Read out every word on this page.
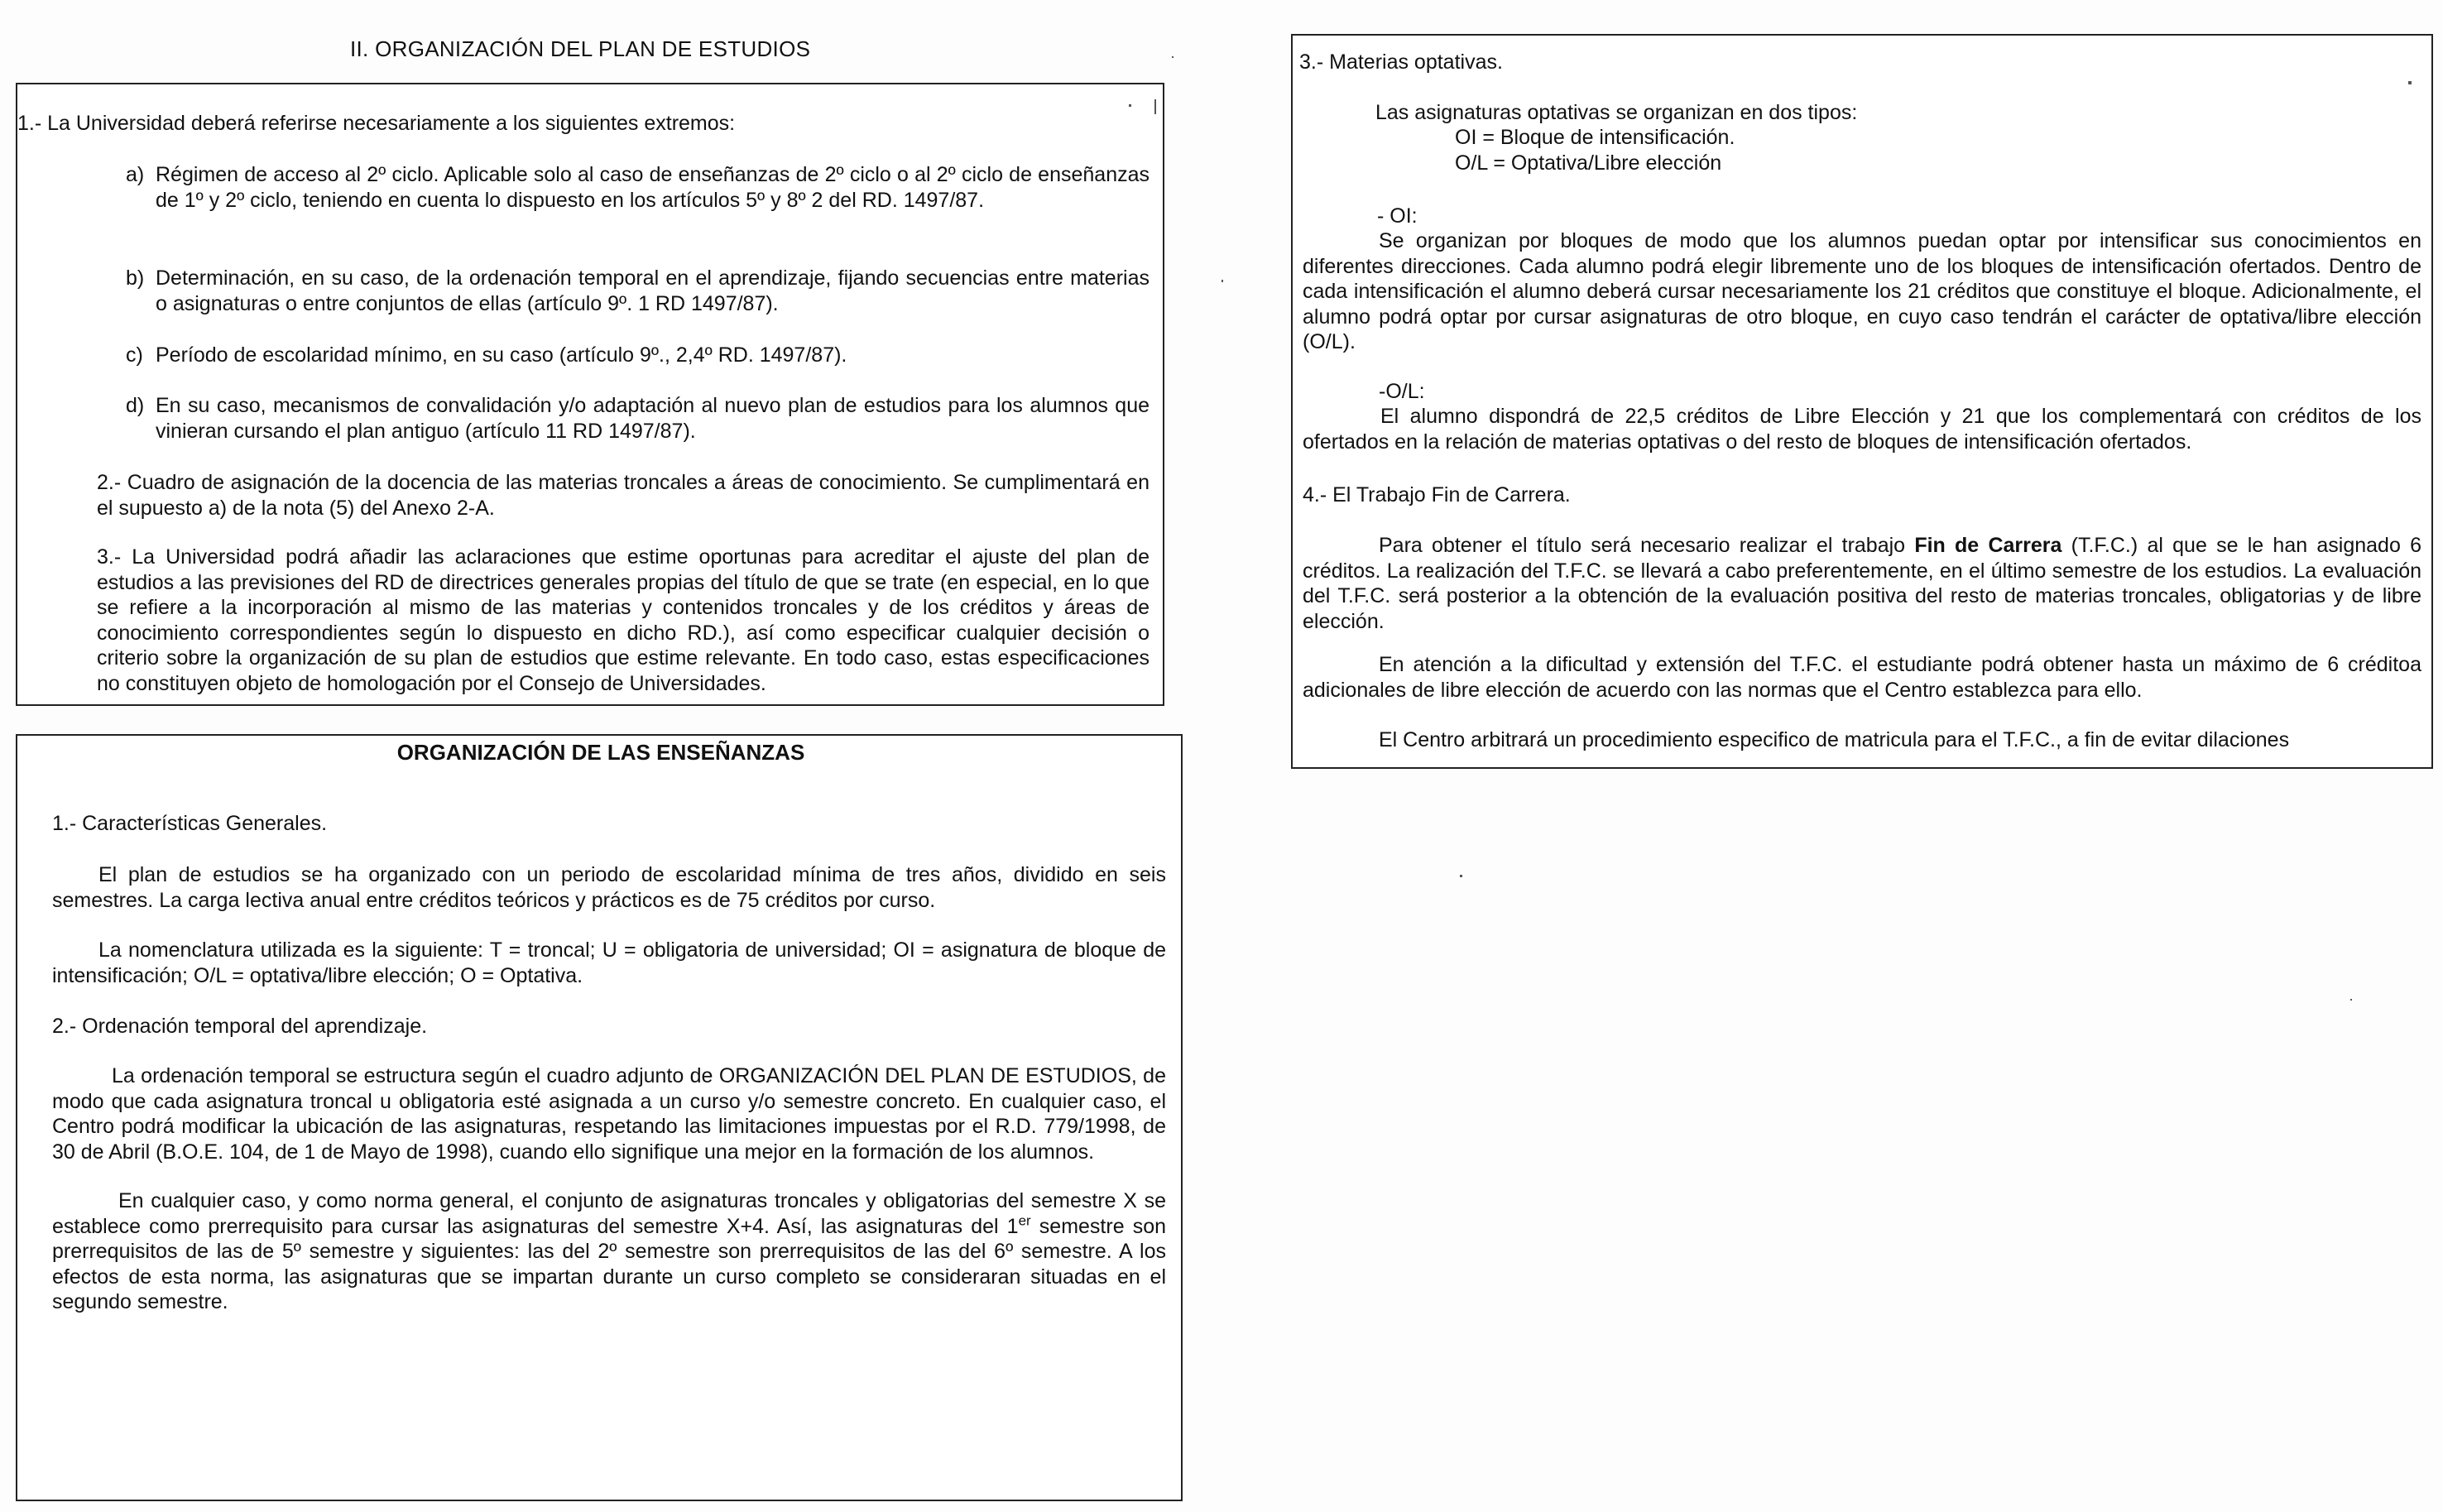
II. ORGANIZACIÓN DEL PLAN DE ESTUDIOS

1.- La Universidad deberá referirse necesariamente a los siguientes extremos:

a) Régimen de acceso al 2º ciclo. Aplicable solo al caso de enseñanzas de 2º ciclo o al 2º ciclo de enseñanzas de 1º y 2º ciclo, teniendo en cuenta lo dispuesto en los artículos 5º y 8º 2 del RD. 1497/87.

b) Determinación, en su caso, de la ordenación temporal en el aprendizaje, fijando secuencias entre materias o asignaturas o entre conjuntos de ellas (artículo 9º. 1 RD 1497/87).

c) Período de escolaridad mínimo, en su caso (artículo 9º., 2,4º RD. 1497/87).

d) En su caso, mecanismos de convalidación y/o adaptación al nuevo plan de estudios para los alumnos que vinieran cursando el plan antiguo (artículo 11 RD 1497/87).

2.- Cuadro de asignación de la docencia de las materias troncales a áreas de conocimiento. Se cumplimentará en el supuesto a) de la nota (5) del Anexo 2-A.

3.- La Universidad podrá añadir las aclaraciones que estime oportunas para acreditar el ajuste del plan de estudios a las previsiones del RD de directrices generales propias del título de que se trate (en especial, en lo que se refiere a la incorporación al mismo de las materias y contenidos troncales y de los créditos y áreas de conocimiento correspondientes según lo dispuesto en dicho RD.), así como especificar cualquier decisión o criterio sobre la organización de su plan de estudios que estime relevante. En todo caso, estas especificaciones no constituyen objeto de homologación por el Consejo de Universidades.

ORGANIZACIÓN DE LAS ENSEÑANZAS

1.- Características Generales.

El plan de estudios se ha organizado con un periodo de escolaridad mínima de tres años, dividido en seis semestres. La carga lectiva anual entre créditos teóricos y prácticos es de 75 créditos por curso.

La nomenclatura utilizada es la siguiente: T = troncal; U = obligatoria de universidad; OI = asignatura de bloque de intensificación; O/L = optativa/libre elección; O = Optativa.

2.- Ordenación temporal del aprendizaje.

La ordenación temporal se estructura según el cuadro adjunto de ORGANIZACIÓN DEL PLAN DE ESTUDIOS, de modo que cada asignatura troncal u obligatoria esté asignada a un curso y/o semestre concreto. En cualquier caso, el Centro podrá modificar la ubicación de las asignaturas, respetando las limitaciones impuestas por el R.D. 779/1998, de 30 de Abril (B.O.E. 104, de 1 de Mayo de 1998), cuando ello signifique una mejor en la formación de los alumnos.

En cualquier caso, y como norma general, el conjunto de asignaturas troncales y obligatorias del semestre X se establece como prerrequisito para cursar las asignaturas del semestre X+4. Así, las asignaturas del 1er semestre son prerrequisitos de las de 5º semestre y siguientes: las del 2º semestre son prerrequisitos de las del 6º semestre. A los efectos de esta norma, las asignaturas que se impartan durante un curso completo se consideraran situadas en el segundo semestre.

3.- Materias optativas.

Las asignaturas optativas se organizan en dos tipos:

OI = Bloque de intensificación.

O/L = Optativa/Libre elección

- OI:

Se organizan por bloques de modo que los alumnos puedan optar por intensificar sus conocimientos en diferentes direcciones. Cada alumno podrá elegir libremente uno de los bloques de intensificación ofertados. Dentro de cada intensificación el alumno deberá cursar necesariamente los 21 créditos que constituye el bloque. Adicionalmente, el alumno podrá optar por cursar asignaturas de otro bloque, en cuyo caso tendrán el carácter de optativa/libre elección (O/L).

-O/L:

El alumno dispondrá de 22,5 créditos de Libre Elección y 21 que los complementará con créditos de los ofertados en la relación de materias optativas o del resto de bloques de intensificación ofertados.

4.- El Trabajo Fin de Carrera.

Para obtener el título será necesario realizar el trabajo Fin de Carrera (T.F.C.) al que se le han asignado 6 créditos. La realización del T.F.C. se llevará a cabo preferentemente, en el último semestre de los estudios. La evaluación del T.F.C. será posterior a la obtención de la evaluación positiva del resto de materias troncales, obligatorias y de libre elección.

En atención a la dificultad y extensión del T.F.C. el estudiante podrá obtener hasta un máximo de 6 créditoa adicionales de libre elección de acuerdo con las normas que el Centro establezca para ello.

El Centro arbitrará un procedimiento especifico de matricula para el T.F.C., a fin de evitar dilaciones
